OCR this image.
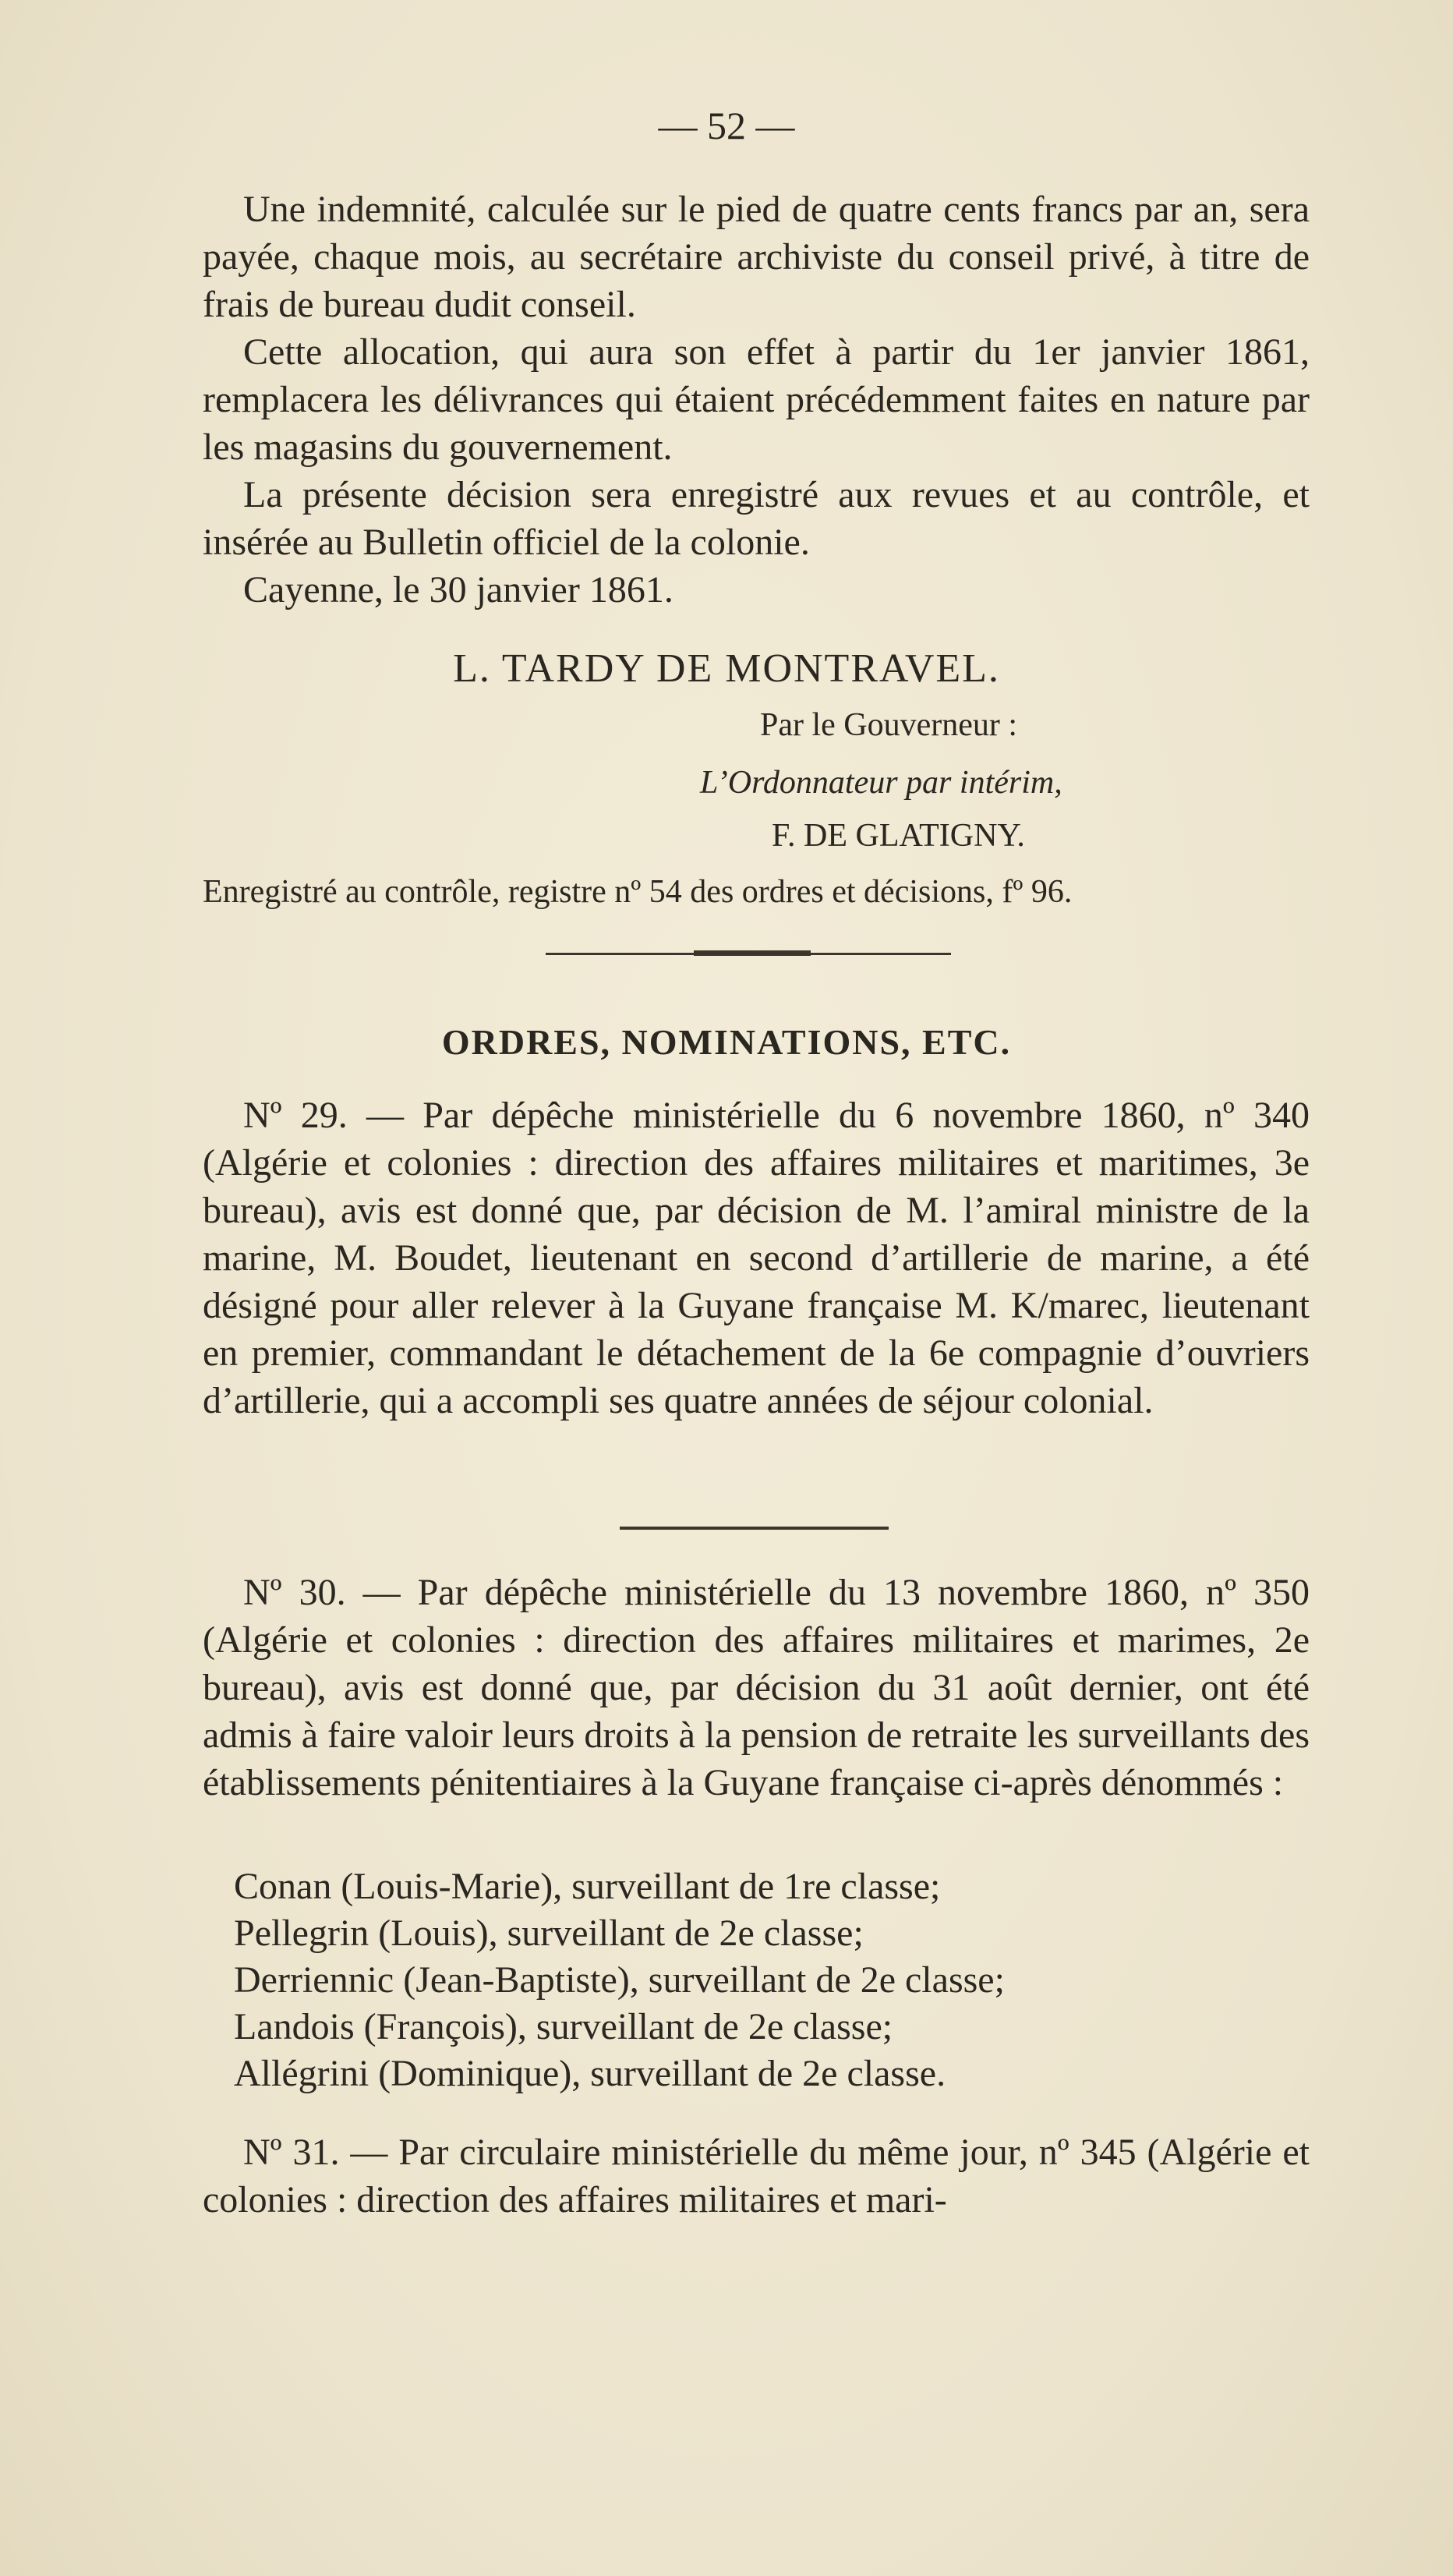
— 52 —

Une indemnité, calculée sur le pied de quatre cents francs par an, sera payée, chaque mois, au secrétaire archiviste du conseil privé, à titre de frais de bureau dudit conseil.

Cette allocation, qui aura son effet à partir du 1er janvier 1861, remplacera les délivrances qui étaient précédemment faites en nature par les magasins du gouvernement.

La présente décision sera enregistré aux revues et au contrôle, et insérée au Bulletin officiel de la colonie.

Cayenne, le 30 janvier 1861.

L. TARDY DE MONTRAVEL.
Par le Gouverneur :
L’Ordonnateur par intérim,
F. DE GLATIGNY.
Enregistré au contrôle, registre nº 54 des ordres et décisions, fº 96.
ORDRES, NOMINATIONS, ETC.

Nº 29. — Par dépêche ministérielle du 6 novembre 1860, nº 340 (Algérie et colonies : direction des affaires militaires et maritimes, 3e bureau), avis est donné que, par décision de M. l’amiral ministre de la marine, M. Boudet, lieutenant en second d’artillerie de marine, a été désigné pour aller relever à la Guyane française M. K/marec, lieutenant en premier, commandant le détachement de la 6e compagnie d’ouvriers d’artillerie, qui a accompli ses quatre années de séjour colonial.

Nº 30. — Par dépêche ministérielle du 13 novembre 1860, nº 350 (Algérie et colonies : direction des affaires militaires et marimes, 2e bureau), avis est donné que, par décision du 31 août dernier, ont été admis à faire valoir leurs droits à la pension de retraite les surveillants des établissements pénitentiaires à la Guyane française ci-après dénommés :

Conan (Louis-Marie), surveillant de 1re classe;
Pellegrin (Louis), surveillant de 2e classe;
Derriennic (Jean-Baptiste), surveillant de 2e classe;
Landois (François), surveillant de 2e classe;
Allégrini (Dominique), surveillant de 2e classe.

Nº 31. — Par circulaire ministérielle du même jour, nº 345 (Algérie et colonies : direction des affaires militaires et mari-
